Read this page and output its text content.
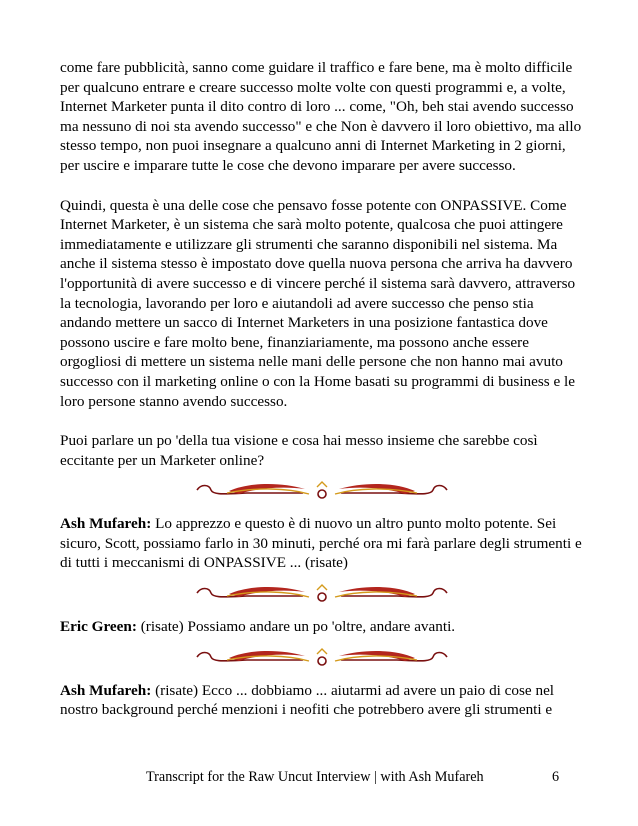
come fare pubblicità, sanno come guidare il traffico e fare bene, ma è molto difficile per qualcuno entrare e creare successo molte volte con questi programmi e, a volte, Internet Marketer punta il dito contro di loro ... come, "Oh, beh stai avendo successo ma nessuno di noi sta avendo successo" e che Non è davvero il loro obiettivo, ma allo stesso tempo, non puoi insegnare a qualcuno anni di Internet Marketing in 2 giorni, per uscire e imparare tutte le cose che devono imparare per avere successo.

Quindi, questa è una delle cose che pensavo fosse potente con ONPASSIVE. Come Internet Marketer, è un sistema che sarà molto potente, qualcosa che puoi attingere immediatamente e utilizzare gli strumenti che saranno disponibili nel sistema. Ma anche il sistema stesso è impostato dove quella nuova persona che arriva ha davvero l'opportunità di avere successo e di vincere perché il sistema sarà davvero, attraverso la tecnologia, lavorando per loro e aiutandoli ad avere successo che penso stia andando mettere un sacco di Internet Marketers in una posizione fantastica dove possono uscire e fare molto bene, finanziariamente, ma possono anche essere orgogliosi di mettere un sistema nelle mani delle persone che non hanno mai avuto successo con il marketing online o con la Home basati su programmi di business e le loro persone stanno avendo successo.

Puoi parlare un po 'della tua visione e cosa hai messo insieme che sarebbe così eccitante per un Marketer online?

Ash Mufareh: Lo apprezzo e questo è di nuovo un altro punto molto potente. Sei sicuro, Scott, possiamo farlo in 30 minuti, perché ora mi farà parlare degli strumenti e di tutti i meccanismi di ONPASSIVE ... (risate)

Eric Green: (risate) Possiamo andare un po 'oltre, andare avanti.

Ash Mufareh: (risate) Ecco ... dobbiamo ... aiutarmi ad avere un paio di cose nel nostro background perché menzioni i neofiti che potrebbero avere gli strumenti e

Transcript for the Raw Uncut Interview | with Ash Mufareh	6
